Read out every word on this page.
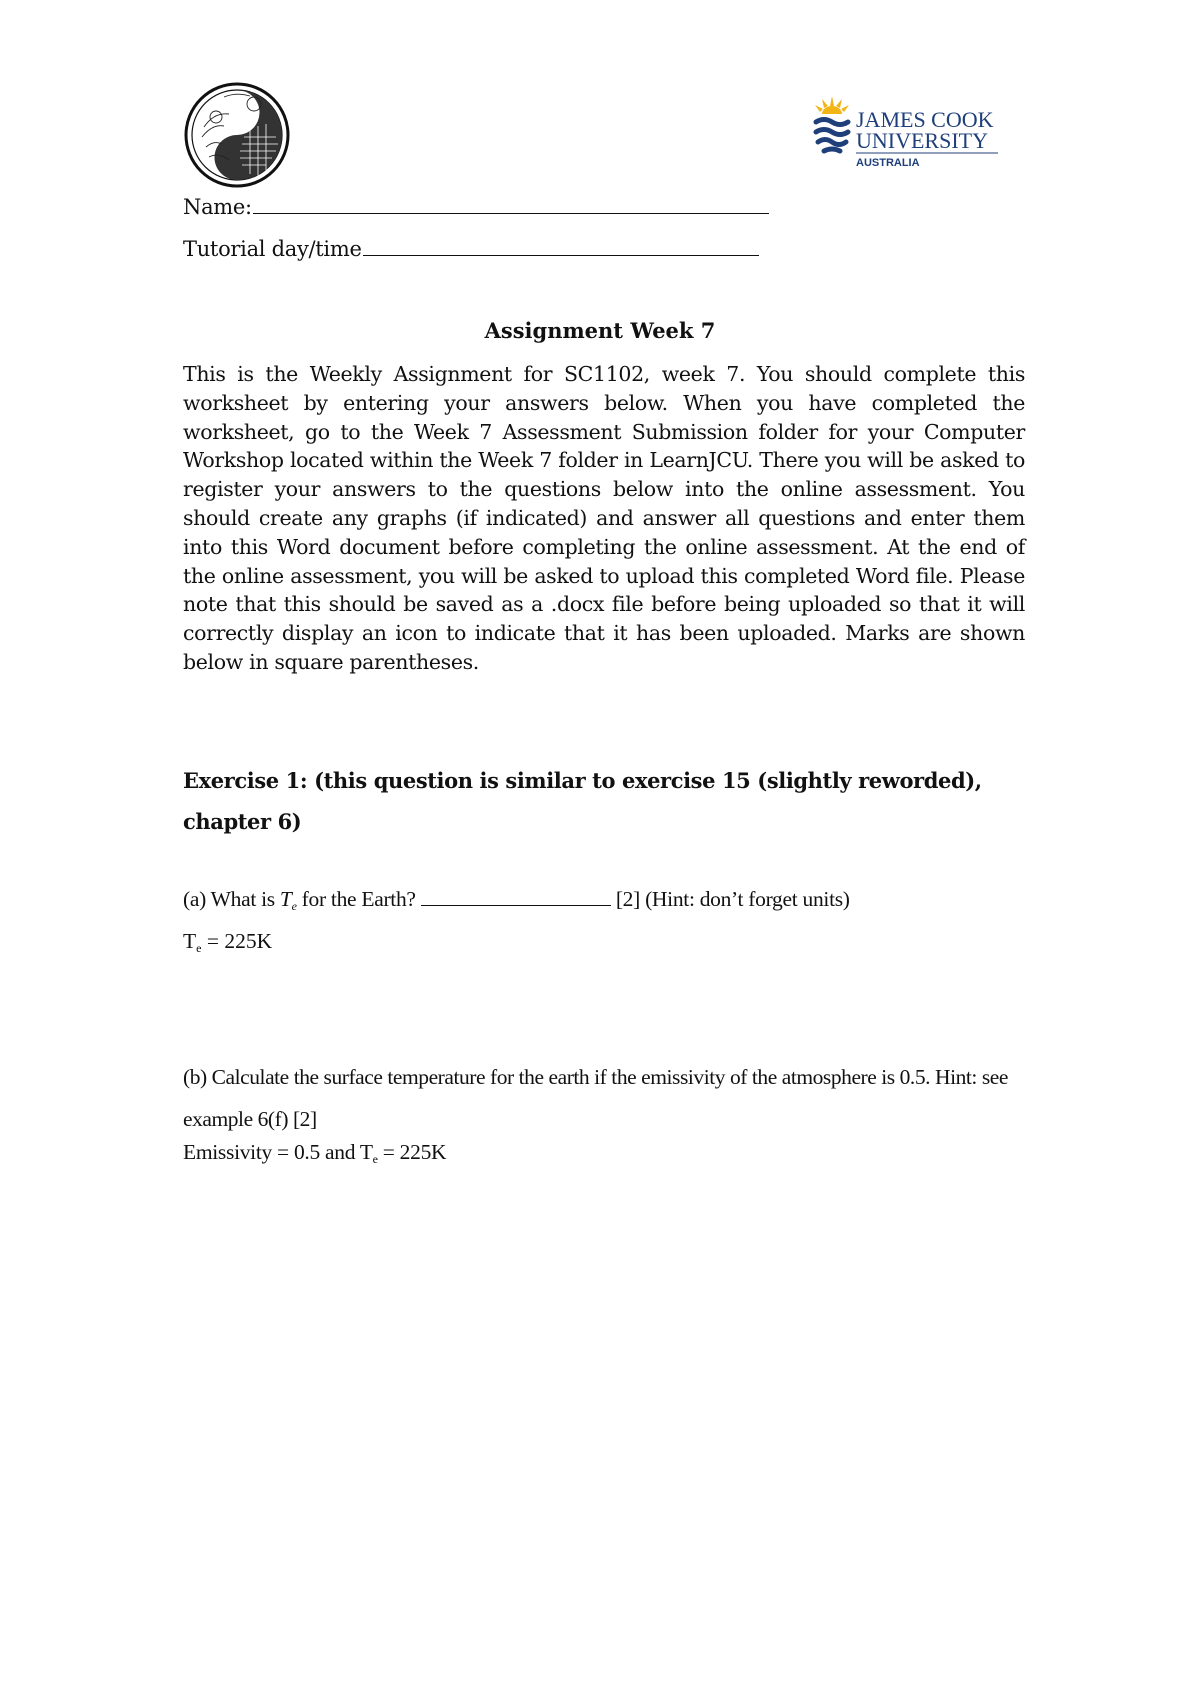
JAMES COOK
UNIVERSITY
AUSTRALIA
Name:
Tutorial day/time
Assignment Week 7

This is the Weekly Assignment for SC1102, week 7. You should complete this worksheet by entering your answers below. When you have completed the worksheet, go to the Week 7 Assessment Submission folder for your Computer Workshop located within the Week 7 folder in LearnJCU. There you will be asked to register your answers to the questions below into the online assessment. You should create any graphs (if indicated) and answer all questions and enter them into this Word document before completing the online assessment. At the end of the online assessment, you will be asked to upload this completed Word file. Please note that this should be saved as a .docx file before being uploaded so that it will correctly display an icon to indicate that it has been uploaded. Marks are shown below in square parentheses.

Exercise 1: (this question is similar to exercise 15 (slightly reworded), chapter 6)

(a) What is $T_e$ for the Earth?	[2] (Hint: don’t forget units)
$T_e = 225K$

(b) Calculate the surface temperature for the earth if the emissivity of the atmosphere is 0.5. Hint: see example 6(f) [2]

Emissivity = 0.5 and $T_e = 225K$
